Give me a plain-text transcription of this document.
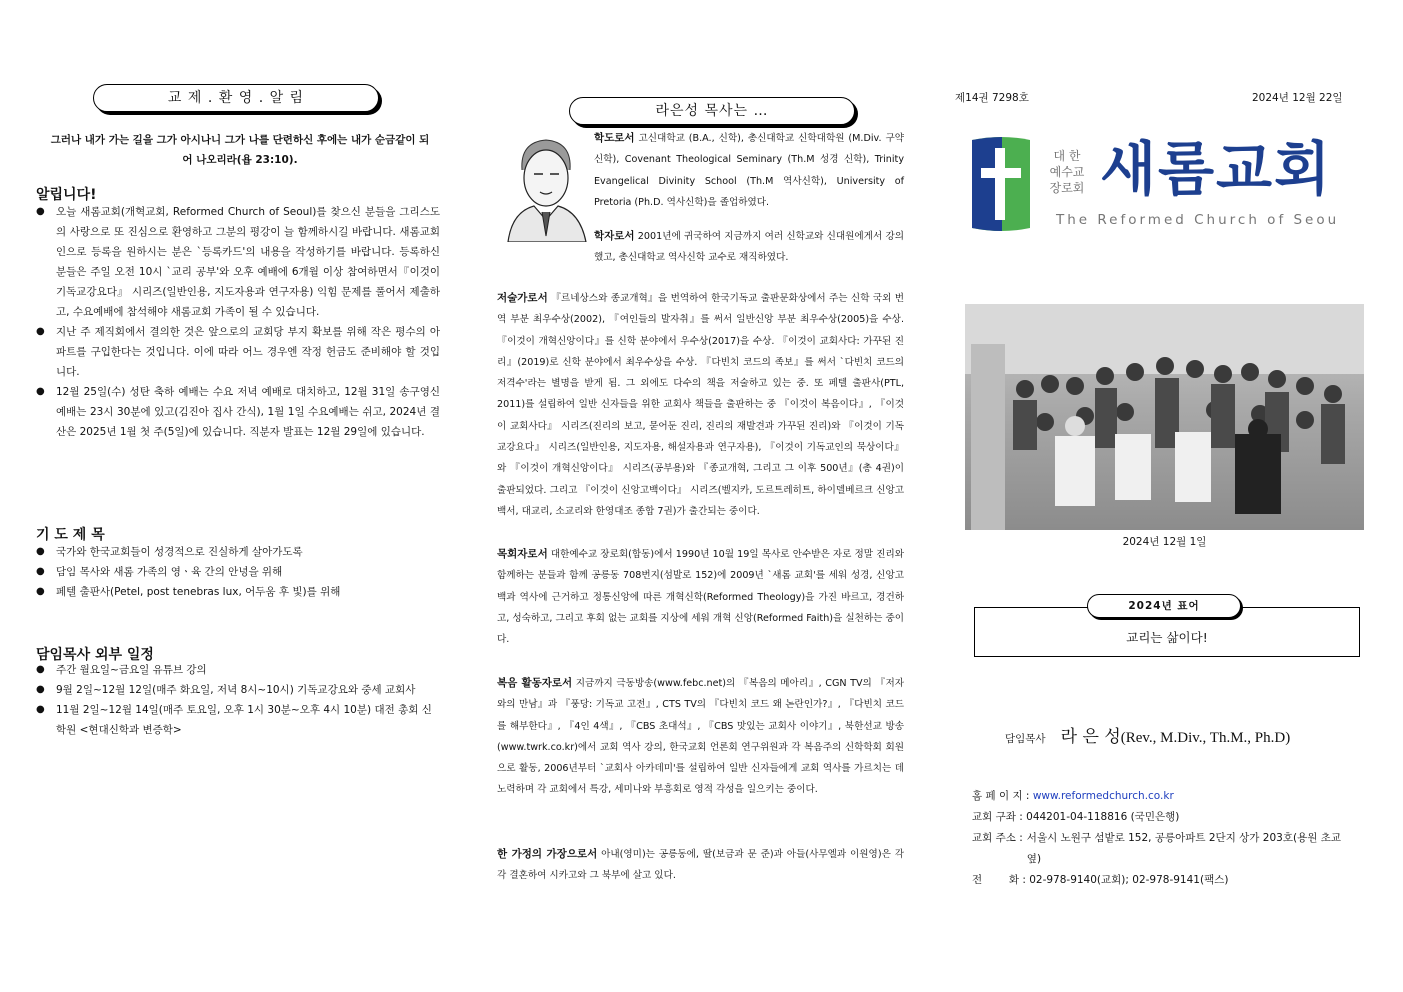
교 제 . 환 영 . 알 림
그러나 내가 가는 길을 그가 아시나니 그가 나를 단련하신 후에는 내가 순금같이 되어 나오리라(욥 23:10).
알립니다!
● 오늘 새롬교회(개혁교회, Reformed Church of Seoul)를 찾으신 분들을 그리스도의 사랑으로 또 진심으로 환영하고 그분의 평강이 늘 함께하시길 바랍니다. 새롬교회인으로 등록을 원하시는 분은 `등록카드'의 내용을 작성하기를 바랍니다. 등록하신 분들은 주일 오전 10시 `교리 공부'와 오후 예배에 6개월 이상 참여하면서『이것이 기독교강요다』 시리즈(일반인용, 지도자용과 연구자용) 익힘 문제를 풀어서 제출하고, 수요예배에 참석해야 새롬교회 가족이 될 수 있습니다.
● 지난 주 제직회에서 결의한 것은 앞으로의 교회당 부지 확보를 위해 작은 평수의 아파트를 구입한다는 것입니다. 이에 따라 어느 경우엔 작정 헌금도 준비해야 할 것입니다.
● 12월 25일(수) 성탄 축하 예배는 수요 저녁 예배로 대치하고, 12월 31일 송구영신 예배는 23시 30분에 있고(김진아 집사 간식), 1월 1일 수요예배는 쉬고, 2024년 결산은 2025년 1월 첫 주(5일)에 있습니다. 직분자 발표는 12월 29일에 있습니다.
기 도 제 목
● 국가와 한국교회들이 성경적으로 진실하게 살아가도록
● 담임 목사와 새롬 가족의 영ㆍ육 간의 안녕을 위해
● 페텔 출판사(Petel, post tenebras lux, 어두움 후 빛)를 위해
담임목사 외부 일정
● 주간 월요일~금요일 유튜브 강의
● 9월 2일~12월 12일(매주 화요일, 저녁 8시~10시) 기독교강요와 중세 교회사
● 11월 2일~12월 14일(매주 토요일, 오후 1시 30분~오후 4시 10분) 대전 총회 신학원 <현대신학과 변증학>
라은성 목사는 …
학도로서 고신대학교 (B.A., 신학), 총신대학교 신학대학원 (M.Div. 구약 신학), Covenant Theological Seminary (Th.M 성경 신학), Trinity Evangelical Divinity School (Th.M 역사신학), University of Pretoria (Ph.D. 역사신학)을 졸업하였다.
학자로서 2001년에 귀국하여 지금까지 여러 신학교와 신대원에게서 강의했고, 총신대학교 역사신학 교수로 재직하였다.
저술가로서 『르네상스와 종교개혁』을 번역하여 한국기독교 출판문화상에서 주는 신학 국외 번역 부분 최우수상(2002), 『여인들의 발자취』를 써서 일반신앙 부분 최우수상(2005)을 수상. 『이것이 개혁신앙이다』를 신학 분야에서 우수상(2017)을 수상. 『이것이 교회사다: 가꾸된 진리』(2019)로 신학 분야에서 최우수상을 수상. 『다빈치 코드의 족보』를 써서 `다빈치 코드의 저격수'라는 별명을 받게 됨. 그 외에도 다수의 책을 저술하고 있는 중. 또 페텔 출판사(PTL, 2011)를 설립하여 일반 신자들을 위한 교회사 책들을 출판하는 중 『이것이 복음이다』, 『이것이 교회사다』 시리즈(진리의 보고, 묻어둔 진리, 진리의 재발견과 가꾸된 진리)와 『이것이 기독교강요다』 시리즈(일반인용, 지도자용, 해설자용과 연구자용), 『이것이 기독교인의 묵상이다』와 『이것이 개혁신앙이다』 시리즈(공부용)와 『종교개혁, 그리고 그 이후 500년』(총 4권)이 출판되었다. 그리고 『이것이 신앙고백이다』 시리즈(벨지카, 도르트레히트, 하이델베르크 신앙고백서, 대교리, 소교리와 한영대조 종합 7권)가 출간되는 중이다.
목회자로서 대한예수교 장로회(합동)에서 1990년 10월 19일 목사로 안수받은 자로 정말 진리와 함께하는 분들과 함께 공릉동 708번지(섬발로 152)에 2009년 `새롬 교회'를 세워 성경, 신앙고백과 역사에 근거하고 정통신앙에 따른 개혁신학(Reformed Theology)을 가진 바르고, 경건하고, 성숙하고, 그리고 후회 없는 교회를 지상에 세워 개혁 신앙(Reformed Faith)을 실천하는 중이다.
복음 활동자로서 지금까지 극동방송(www.febc.net)의 『복음의 메아리』, CGN TV의 『저자와의 만남』과 『풍당: 기독교 고전』, CTS TV의 『다빈치 코드 왜 논란인가?』, 『다빈치 코드를 해부한다』, 『4인 4색』, 『CBS 초대석』, 『CBS 맛있는 교회사 이야기』, 북한선교 방송(www.twrk.co.kr)에서 교회 역사 강의, 한국교회 언론회 연구위원과 각 복음주의 신학학회 회원으로 활동, 2006년부터 `교회사 아카데미'를 설립하여 일반 신자들에게 교회 역사를 가르치는 데 노력하며 각 교회에서 특강, 세미나와 부흥회로 영적 각성을 일으키는 중이다.
한 가정의 가장으로서 아내(영미)는 공릉동에, 딸(보금과 문 준)과 아들(사무엘과 이원영)은 각각 결혼하여 시카고와 그 북부에 살고 있다.
제14권 7298호	2024년 12월 22일
대 한
예수교
장로회 새롬교회
The Reformed Church of Seou
2024년 12월 1일
교리는 삶이다!
2024년 표어
담임목사 라 은 성(Rev., M.Div., Th.M., Ph.D)
홈 페 이 지 : www.reformedchurch.co.kr
교회 구좌 : 044201-04-118816 (국민은행)
교회 주소 : 서울시 노원구 섬밭로 152, 공릉아파트 2단지 상가 203호(용원 초교 옆)
전        화 : 02-978-9140(교회); 02-978-9141(팩스)
